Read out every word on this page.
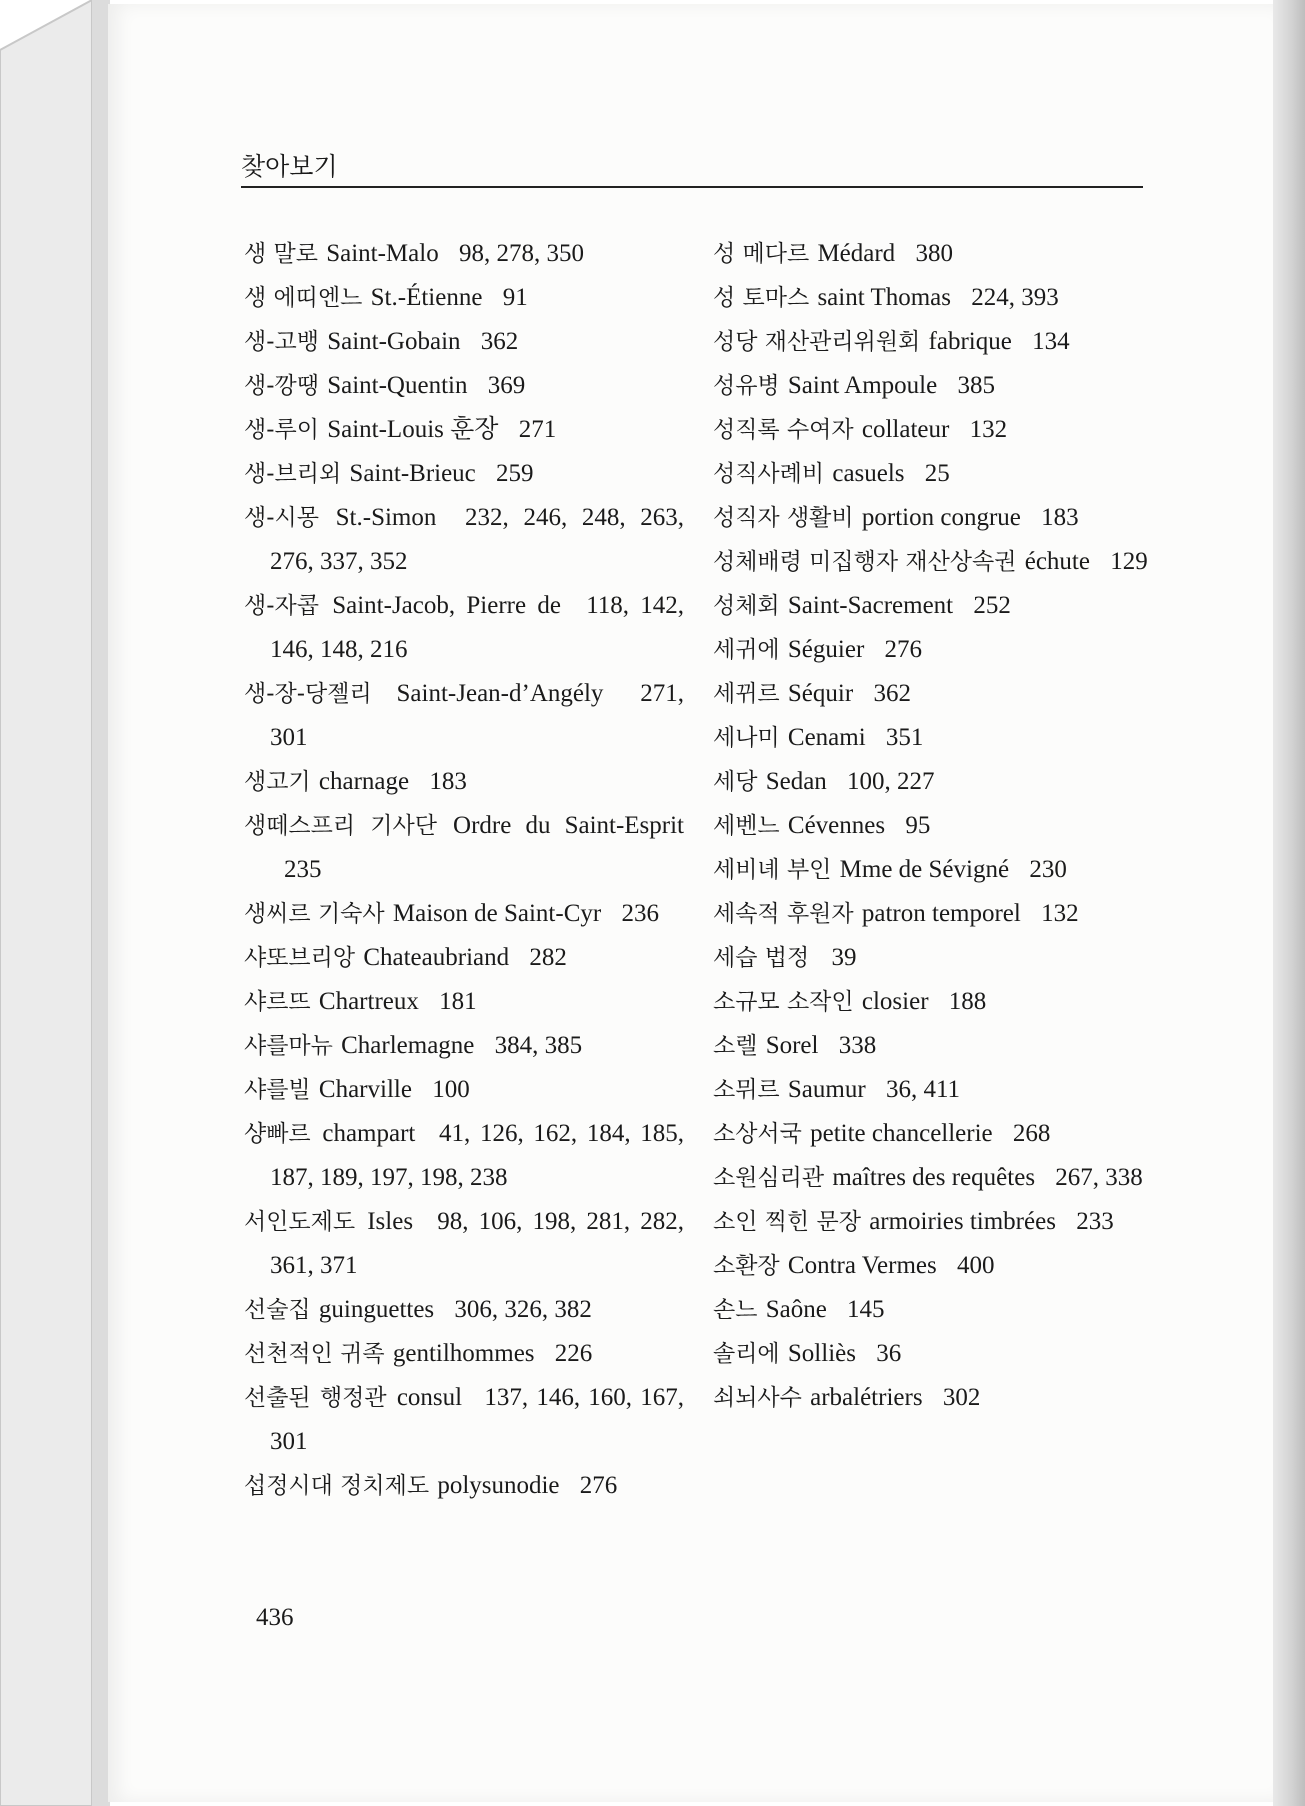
찾아보기

생 말로 Saint-Malo 98, 278, 350

생 에띠엔느 St.-Étienne 91

생-고뱅 Saint-Gobain 362

생-깡땡 Saint-Quentin 369

생-루이 Saint-Louis 훈장 271

생-브리외 Saint-Brieuc 259

생-시몽 St.-Simon 232, 246, 248, 263, 276, 337, 352

생-자콥 Saint-Jacob, Pierre de 118, 142, 146, 148, 216

생-장-당젤리 Saint-Jean-d’Angély 271, 301

생고기 charnage 183

생떼스프리 기사단 Ordre du Saint-Esprit 235

생씨르 기숙사 Maison de Saint-Cyr 236

샤또브리앙 Chateaubriand 282

샤르뜨 Chartreux 181

샤를마뉴 Charlemagne 384, 385

샤를빌 Charville 100

샹빠르 champart 41, 126, 162, 184, 185, 187, 189, 197, 198, 238

서인도제도 Isles 98, 106, 198, 281, 282, 361, 371

선술집 guinguettes 306, 326, 382

선천적인 귀족 gentilhommes 226

선출된 행정관 consul 137, 146, 160, 167, 301

섭정시대 정치제도 polysunodie 276

성 메다르 Médard 380

성 토마스 saint Thomas 224, 393

성당 재산관리위원회 fabrique 134

성유병 Saint Ampoule 385

성직록 수여자 collateur 132

성직사례비 casuels 25

성직자 생활비 portion congrue 183

성체배령 미집행자 재산상속권 échute 129

성체회 Saint-Sacrement 252

세귀에 Séguier 276

세뀌르 Séquir 362

세나미 Cenami 351

세당 Sedan 100, 227

세벤느 Cévennes 95

세비녜 부인 Mme de Sévigné 230

세속적 후원자 patron temporel 132

세습 법정 39

소규모 소작인 closier 188

소렐 Sorel 338

소뮈르 Saumur 36, 411

소상서국 petite chancellerie 268

소원심리관 maîtres des requêtes 267, 338

소인 찍힌 문장 armoiries timbrées 233

소환장 Contra Vermes 400

손느 Saône 145

솔리에 Solliès 36

쇠뇌사수 arbalétriers 302

436
